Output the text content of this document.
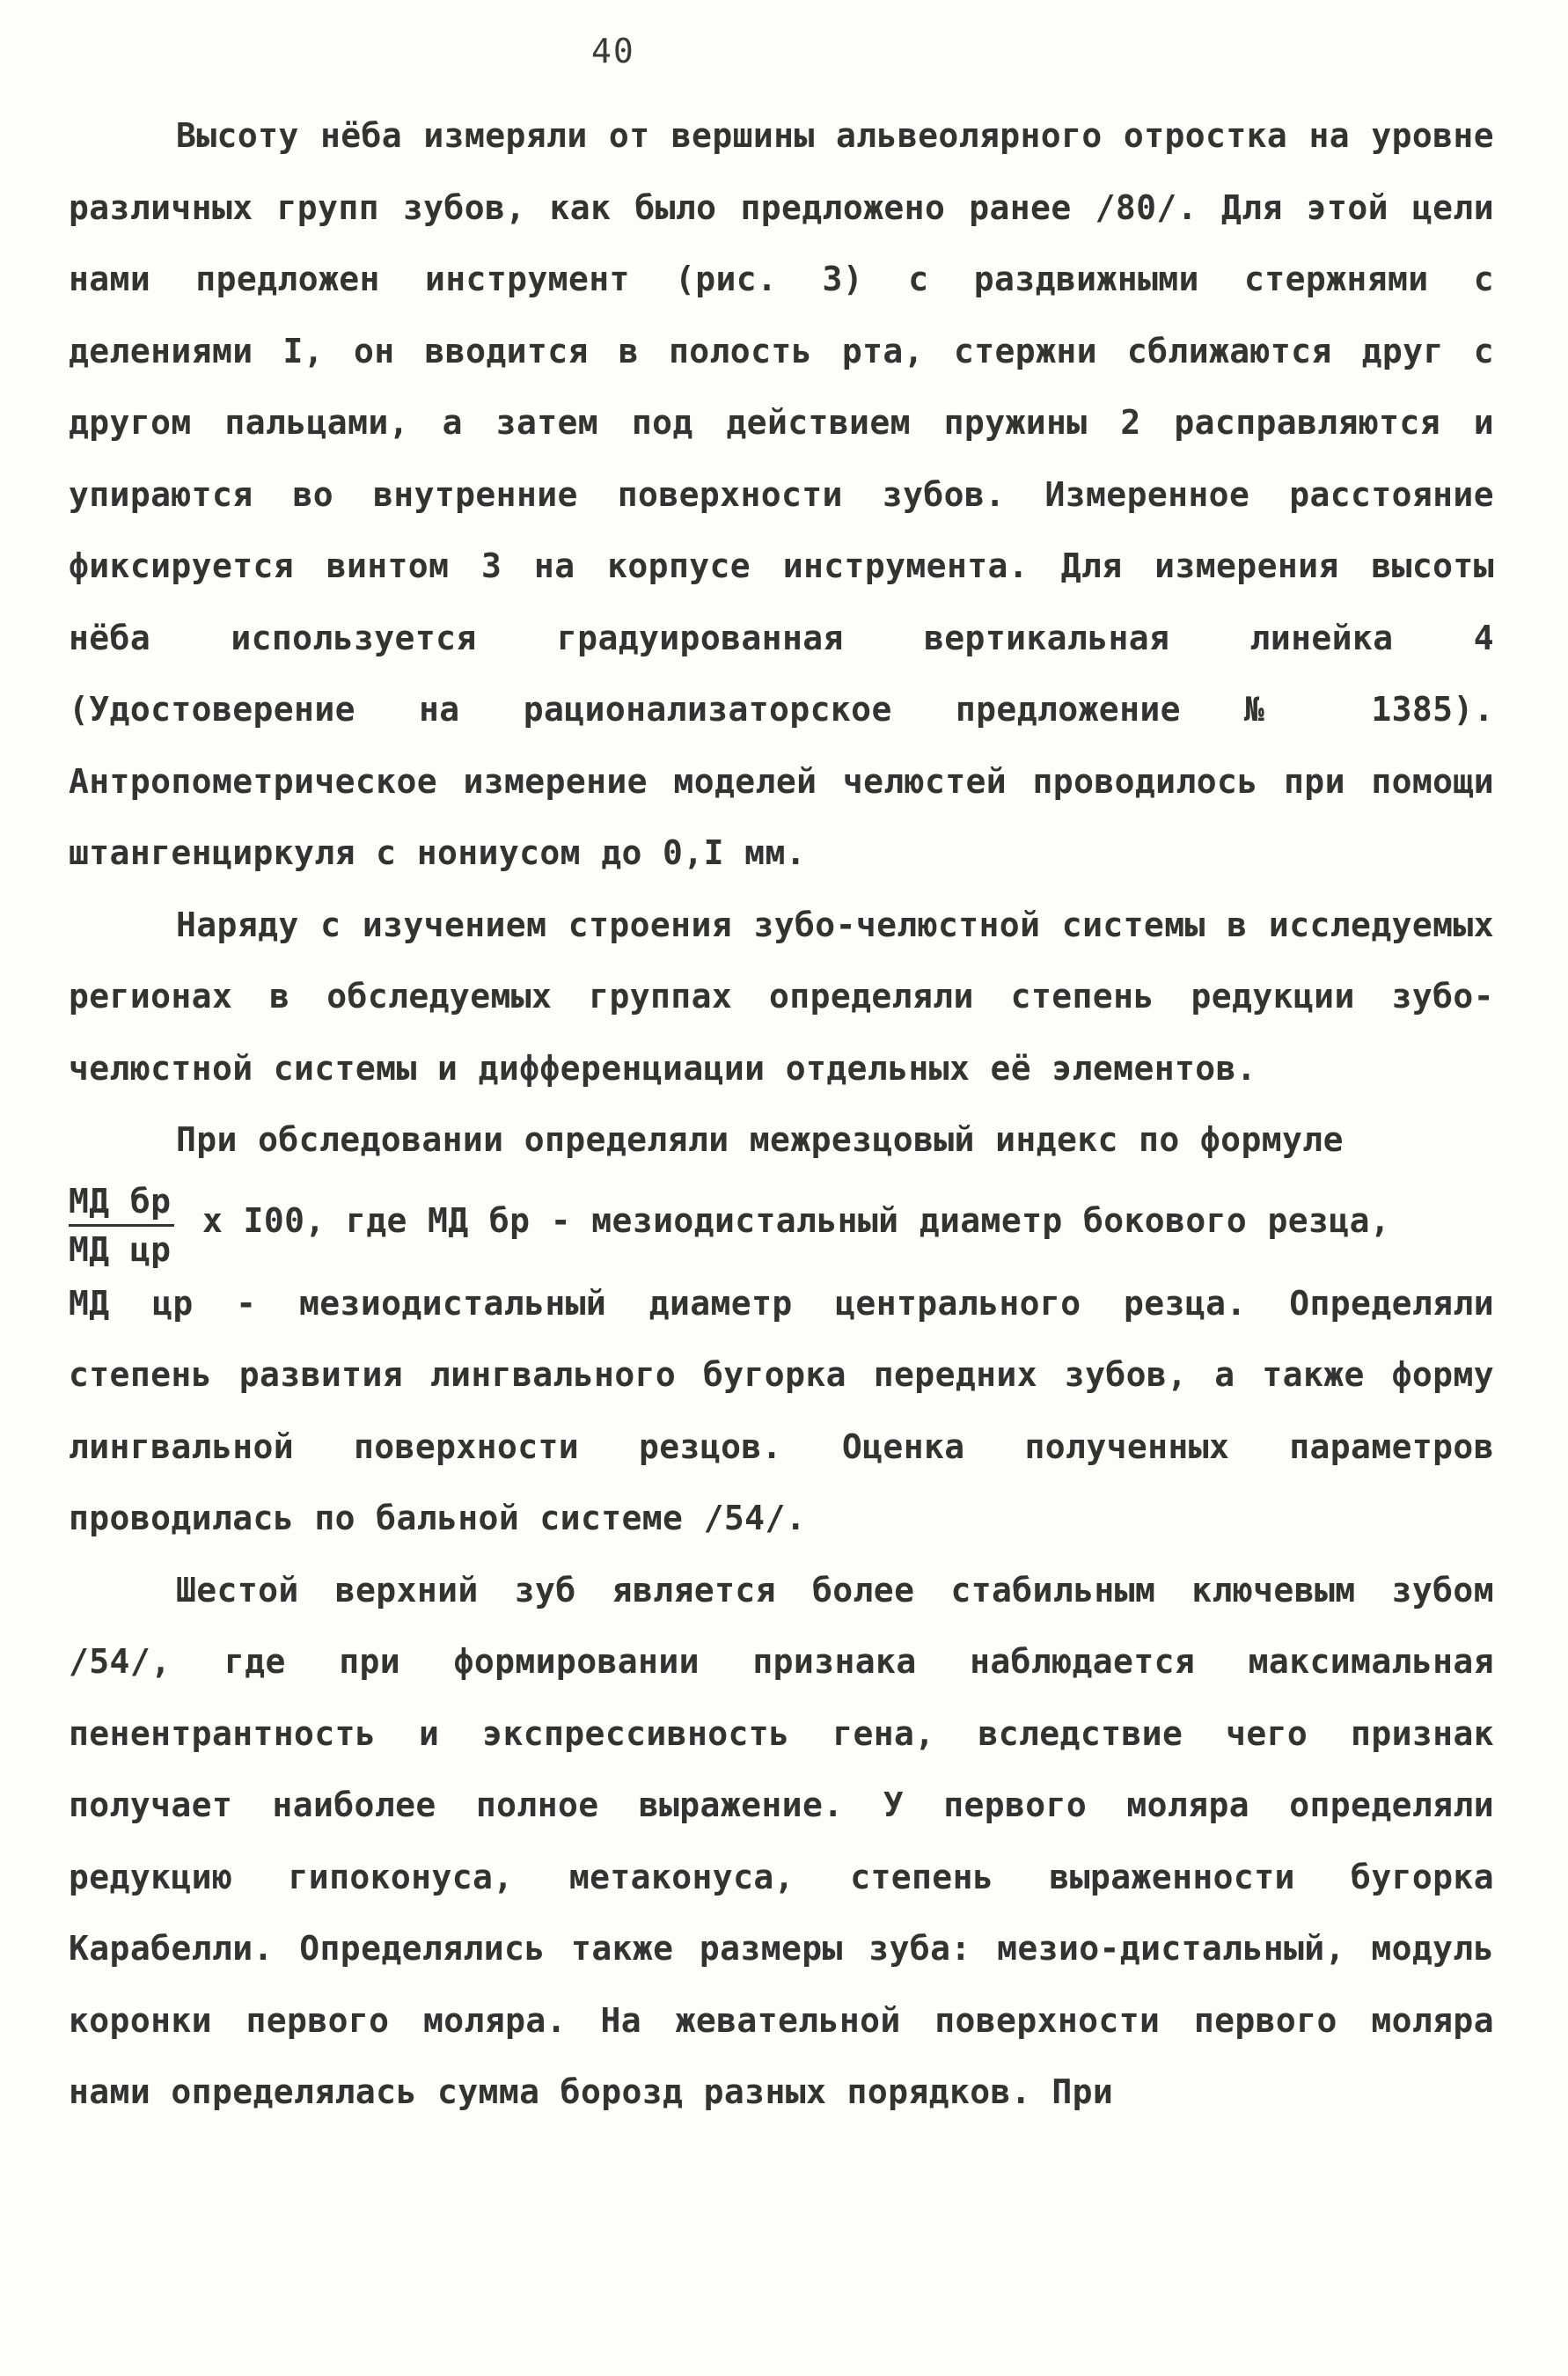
40

Высоту нёба измеряли от вершины альвеолярного отростка на уровне различных групп зубов, как было предложено ранее /80/. Для этой цели нами предложен инструмент (рис. 3) с раздвижными стержнями с делениями I, он вводится в полость рта, стержни сближаются друг с другом пальцами, а затем под действием пружины 2 расправляются и упираются во внутренние поверхности зубов. Измеренное расстояние фиксируется винтом 3 на корпусе инструмента. Для измерения высоты нёба используется градуированная вертикальная линейка 4 (Удостоверение на рационализаторское предложение № 1385). Антропометрическое измерение моделей челюстей проводилось при помощи штангенциркуля с нониусом до 0,I мм.

Наряду с изучением строения зубо-челюстной системы в исследуемых регионах в обследуемых группах определяли степень редукции зубо-челюстной системы и дифференциации отдельных её элементов.

При обследовании определяли межрезцовый индекс по формуле

МД бр
МД цр
x I00, где МД бр - мезиодистальный диаметр бокового резца,

МД цр - мезиодистальный диаметр центрального резца. Определяли степень развития лингвального бугорка передних зубов, а также форму лингвальной поверхности резцов. Оценка полученных параметров проводилась по бальной системе /54/.

Шестой верхний зуб является более стабильным ключевым зубом /54/, где при формировании признака наблюдается максимальная пенентрантность и экспрессивность гена, вследствие чего признак получает наиболее полное выражение. У первого моляра определяли редукцию гипоконуса, метаконуса, степень выраженности бугорка Карабелли. Определялись также размеры зуба: мезио-дистальный, модуль коронки первого моляра. На жевательной поверхности первого моляра нами определялась сумма борозд разных порядков. При
